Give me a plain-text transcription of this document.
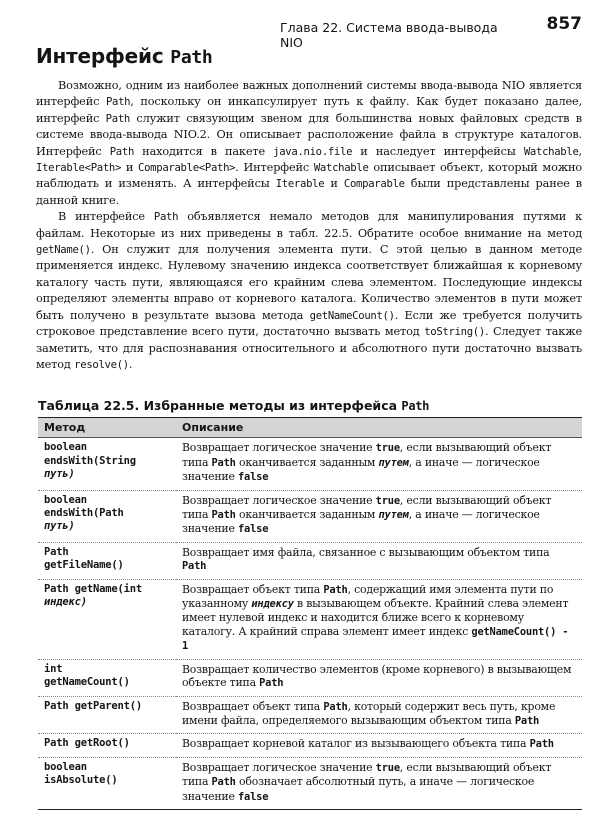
Глава 22. Система ввода-вывода NIO
857
Интерфейс Path

Возможно, одним из наиболее важных дополнений системы ввода-вывода NIO является интерфейс Path, поскольку он инкапсулирует путь к файлу. Как будет показано далее, интерфейс Path служит связующим звеном для большинства новых файловых средств в системе ввода-вывода NIO.2. Он описывает расположение файла в структуре каталогов. Интерфейс Path находится в пакете java.nio.file и наследует интерфейсы Watchable, Iterable<Path> и Comparable<Path>. Интерфейс Watchable описывает объект, который можно наблюдать и изменять. А интерфейсы Iterable и Comparable были представлены ранее в данной книге.

В интерфейсе Path объявляется немало методов для манипулирования путями к файлам. Некоторые из них приведены в табл. 22.5. Обратите особое внимание на метод getName(). Он служит для получения элемента пути. С этой целью в данном методе применяется индекс. Нулевому значению индекса соответствует ближайшая к корневому каталогу часть пути, являющаяся его крайним слева элементом. Последующие индексы определяют элементы вправо от корневого каталога. Количество элементов в пути может быть получено в результате вызова метода getNameCount(). Если же требуется получить строковое представление всего пути, достаточно вызвать метод toString(). Следует также заметить, что для распознавания относительного и абсолютного пути достаточно вызвать метод resolve().

Таблица 22.5. Избранные методы из интерфейса Path
Метод	Описание
boolean
endsWith(String
путь)	Возвращает логическое значение true, если вызывающий объект типа Path оканчивается заданным путем, а иначе — логическое значение false
boolean
endsWith(Path
путь)	Возвращает логическое значение true, если вызывающий объект типа Path оканчивается заданным путем, а иначе — логическое значение false
Path
getFileName()	Возвращает имя файла, связанное с вызывающим объектом типа Path
Path getName(int
индекс)	Возвращает объект типа Path, содержащий имя элемента пути по указанному индексу в вызывающем объекте. Крайний слева элемент имеет нулевой индекс и находится ближе всего к корневому каталогу. А крайний справа элемент имеет индекс getNameCount() - 1
int
getNameCount()	Возвращает количество элементов (кроме корневого) в вызывающем объекте типа Path
Path getParent()	Возвращает объект типа Path, который содержит весь путь, кроме имени файла, определяемого вызывающим объектом типа Path
Path getRoot()	Возвращает корневой каталог из вызывающего объекта типа Path
boolean
isAbsolute()	Возвращает логическое значение true, если вызывающий объект типа Path обозначает абсолютный путь, а иначе — логическое значение false
